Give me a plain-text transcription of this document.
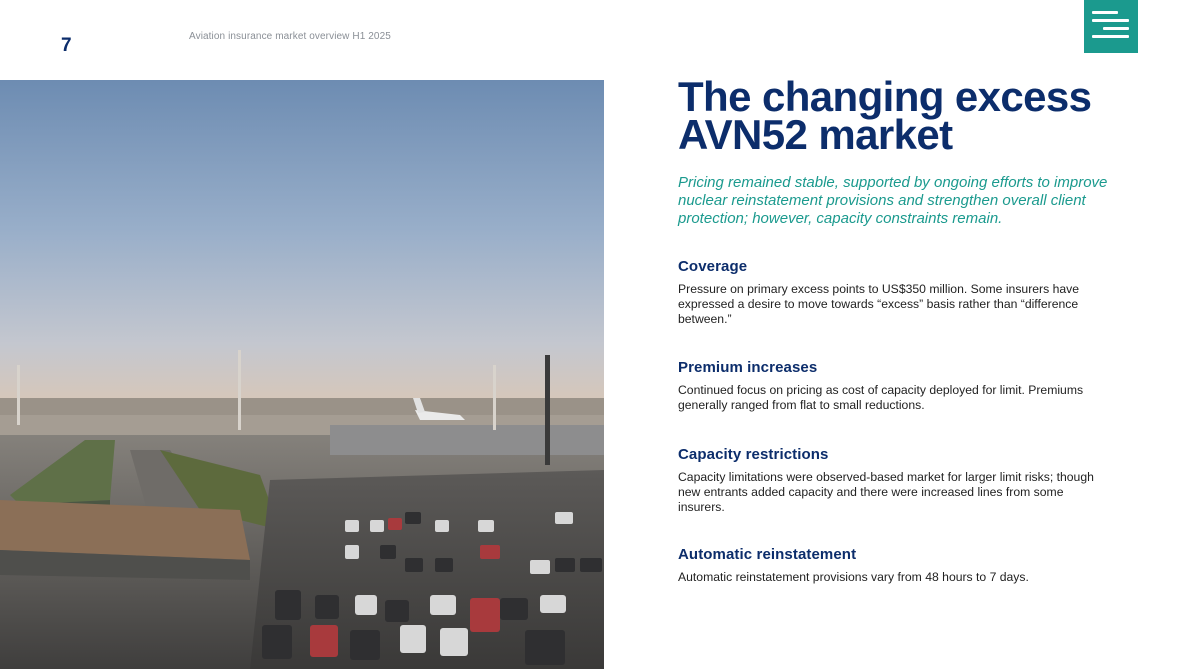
7	Aviation insurance market overview H1 2025
The changing excess AVN52 market

Pricing remained stable, supported by ongoing efforts to improve nuclear reinstatement provisions and strengthen overall client protection; however, capacity constraints remain.

Coverage

Pressure on primary excess points to US$350 million. Some insurers have expressed a desire to move towards “excess” basis rather than “difference between.”

Premium increases

Continued focus on pricing as cost of capacity deployed for limit. Premiums generally ranged from flat to small reductions.

Capacity restrictions

Capacity limitations were observed-based market for larger limit risks; though new entrants added capacity and there were increased lines from some insurers.

Automatic reinstatement

Automatic reinstatement provisions vary from 48 hours to 7 days.
